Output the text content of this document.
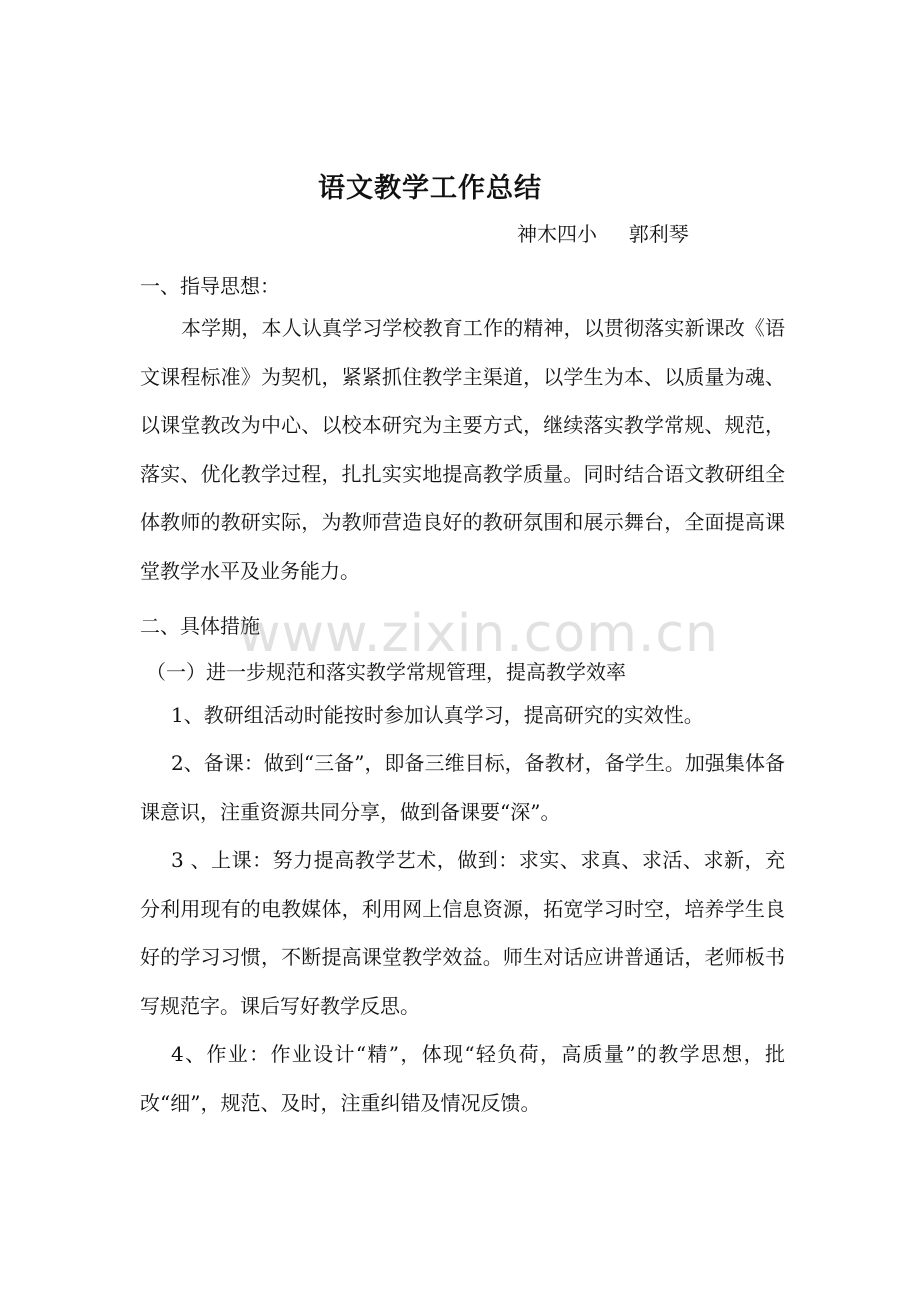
语文教学工作总结
神木四小     郭利琴
一、指导思想：
本学期，本人认真学习学校教育工作的精神，以贯彻落实新课改《语文课程标准》为契机，紧紧抓住教学主渠道，以学生为本、以质量为魂、以课堂教改为中心、以校本研究为主要方式，继续落实教学常规、规范，落实、优化教学过程，扎扎实实地提高教学质量。同时结合语文教研组全体教师的教研实际，为教师营造良好的教研氛围和展示舞台，全面提高课堂教学水平及业务能力。
二、具体措施
（一）进一步规范和落实教学常规管理，提高教学效率
1、教研组活动时能按时参加认真学习，提高研究的实效性。
2、备课：做到“三备”，即备三维目标，备教材，备学生。加强集体备课意识，注重资源共同分享，做到备课要“深”。
3 、上课：努力提高教学艺术，做到：求实、求真、求活、求新，充分利用现有的电教媒体，利用网上信息资源，拓宽学习时空，培养学生良好的学习习惯，不断提高课堂教学效益。师生对话应讲普通话，老师板书写规范字。课后写好教学反思。
4、作业：作业设计“精”，体现“轻负荷，高质量”的教学思想，批改“细”，规范、及时，注重纠错及情况反馈。
www.zixin.com.cn
